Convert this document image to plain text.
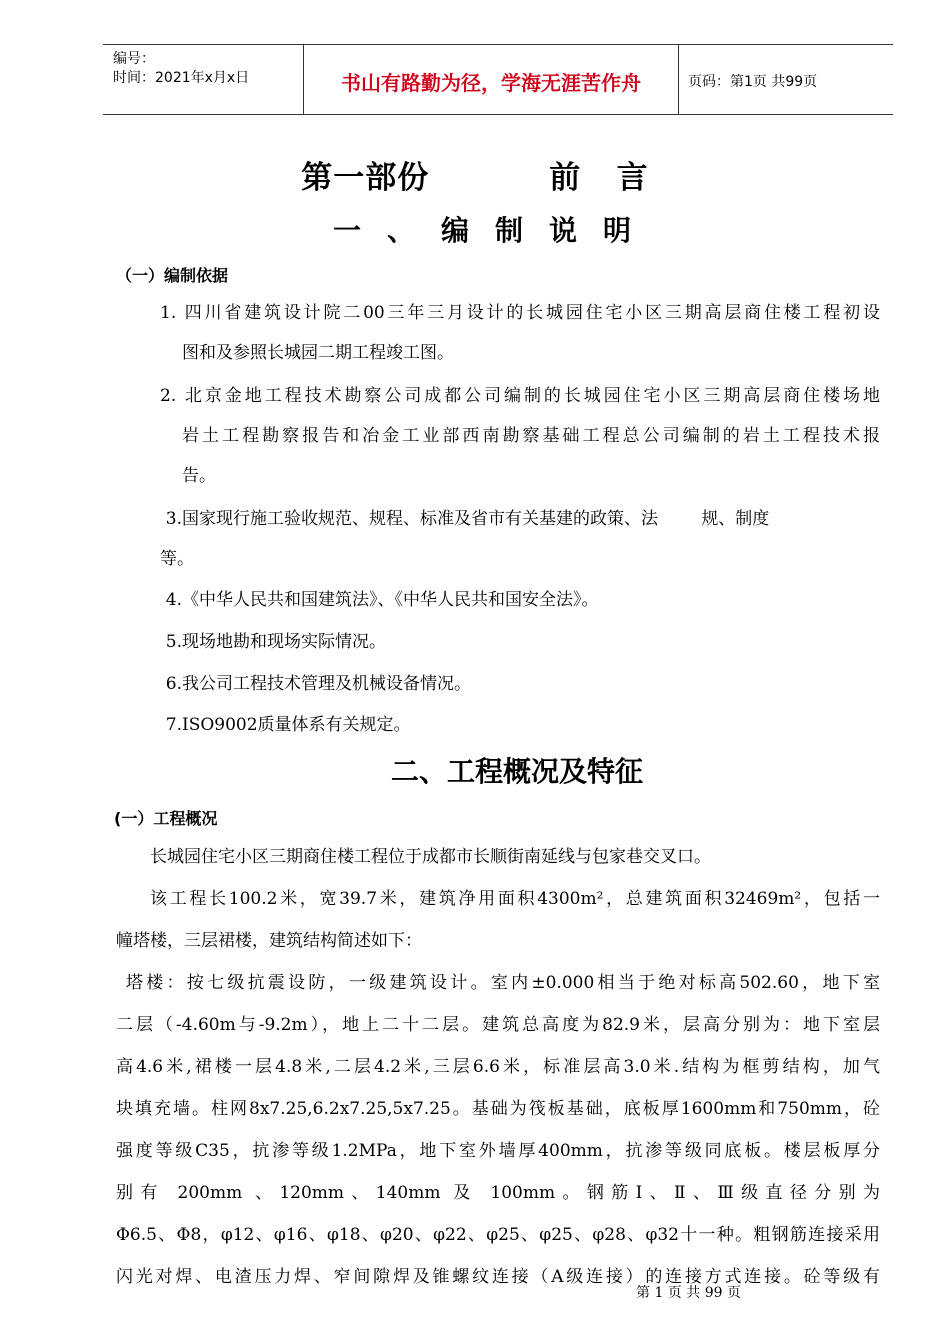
编号：
时间：2021年x月x日	书山有路勤为径，学海无涯苦作舟	页码：第1页 共99页
第一部份	前   言
一、编制说明
（一）编制依据
1. 四川省建筑设计院二00三年三月设计的长城园住宅小区三期高层商住楼工程初设
图和及参照长城园二期工程竣工图。
2. 北京金地工程技术勘察公司成都公司编制的长城园住宅小区三期高层商住楼场地
岩土工程勘察报告和冶金工业部西南勘察基础工程总公司编制的岩土工程技术报
告。
3.国家现行施工验收规范、规程、标准及省市有关基建的政策、法        规、制度
等。
4.《中华人民共和国建筑法》、《中华人民共和国安全法》。
5.现场地勘和现场实际情况。
6.我公司工程技术管理及机械设备情况。
7.ISO9002质量体系有关规定。
二、工程概况及特征
(一）工程概况
长城园住宅小区三期商住楼工程位于成都市长顺街南延线与包家巷交叉口。
该工程长100.2米，宽39.7米，建筑净用面积4300m²，总建筑面积32469m²，包括一
幢塔楼，三层裙楼，建筑结构简述如下：
塔楼：按七级抗震设防，一级建筑设计。室内±0.000相当于绝对标高502.60，地下室
二层（-4.60m与-9.2m），地上二十二层。建筑总高度为82.9米，层高分别为：地下室层
高4.6米,裙楼一层4.8米,二层4.2米,三层6.6米，标准层高3.0米.结构为框剪结构，加气
块填充墙。柱网8x7.25,6.2x7.25,5x7.25。基础为筏板基础，底板厚1600mm和750mm，砼
强度等级C35，抗渗等级1.2MPa，地下室外墙厚400mm，抗渗等级同底板。楼层板厚分
别有 200mm 、120mm、140mm 及 100mm。钢筋Ⅰ、Ⅱ、Ⅲ级直径分别为
Φ6.5、Φ8，φ12、φ16、φ18、φ20、φ22、φ25、φ25、φ28、φ32十一种。粗钢筋连接采用
闪光对焊、电渣压力焊、窄间隙焊及锥螺纹连接（A级连接）的连接方式连接。砼等级有
第 1 页 共 99 页
